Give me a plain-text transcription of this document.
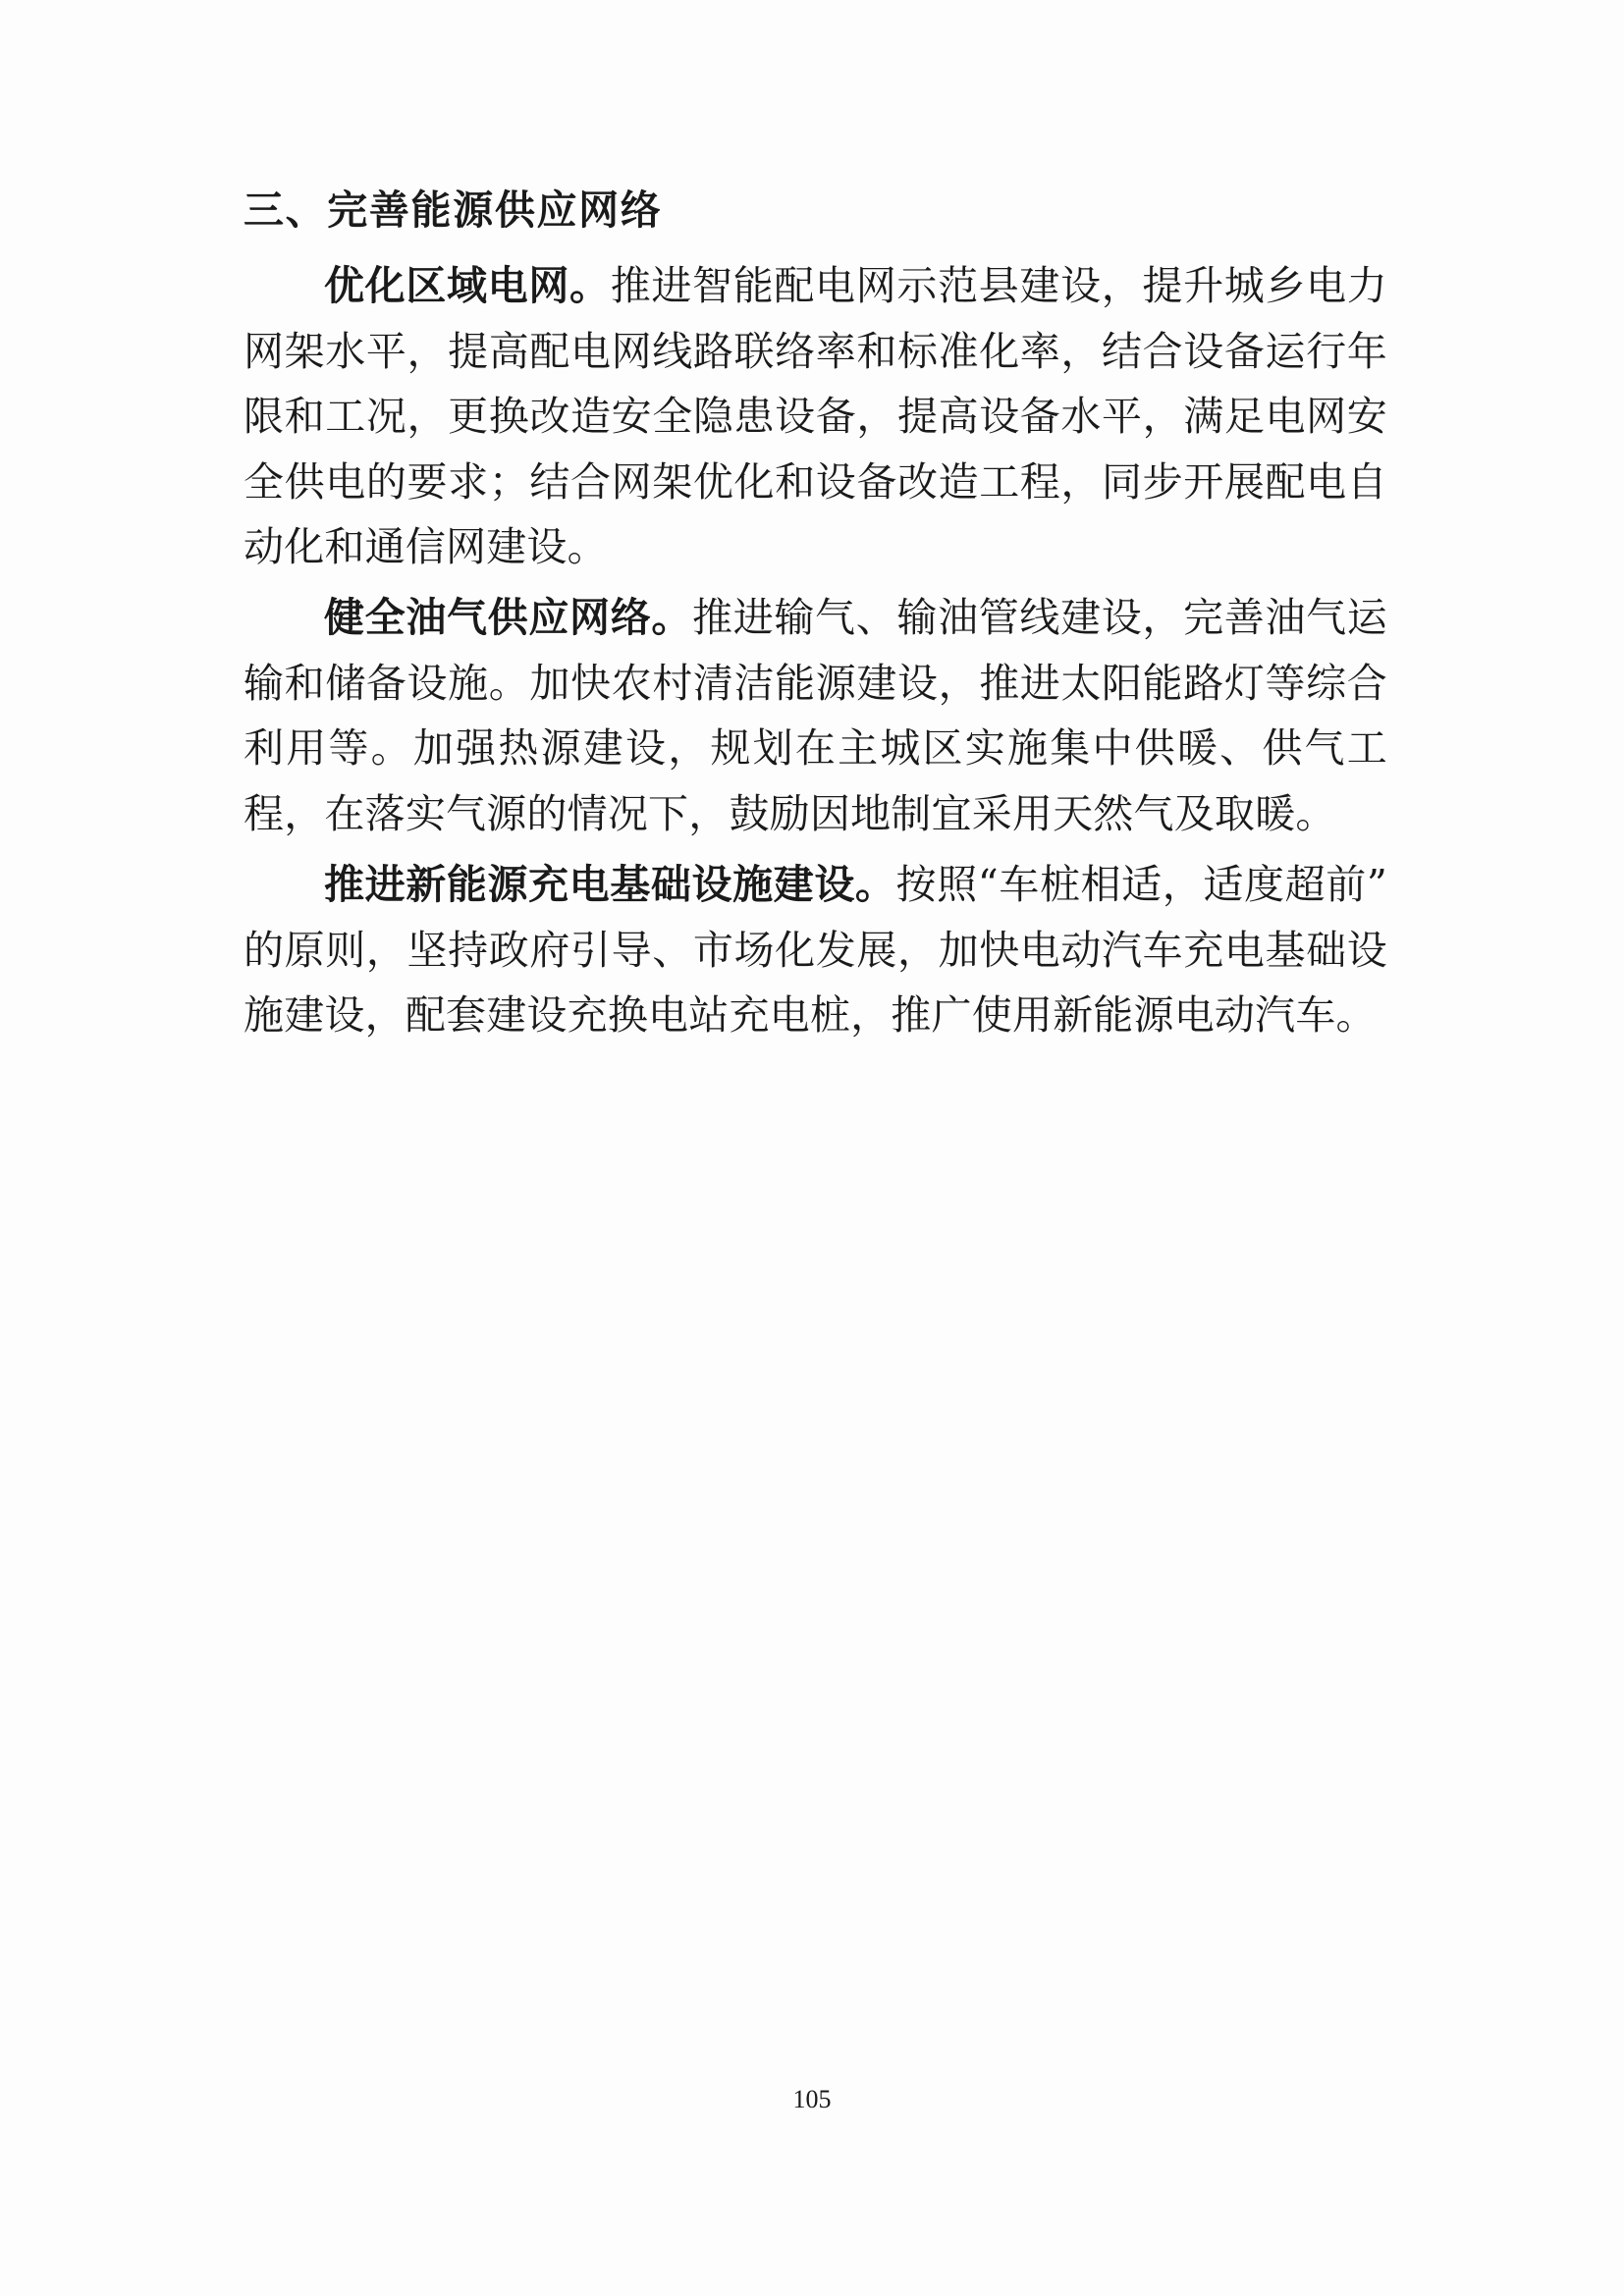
三、完善能源供应网络

优化区域电网。推进智能配电网示范县建设，提升城乡电力网架水平，提高配电网线路联络率和标准化率，结合设备运行年限和工况，更换改造安全隐患设备，提高设备水平，满足电网安全供电的要求；结合网架优化和设备改造工程，同步开展配电自动化和通信网建设。

健全油气供应网络。推进输气、输油管线建设，完善油气运输和储备设施。加快农村清洁能源建设，推进太阳能路灯等综合利用等。加强热源建设，规划在主城区实施集中供暖、供气工程，在落实气源的情况下，鼓励因地制宜采用天然气及取暖。

推进新能源充电基础设施建设。按照“车桩相适，适度超前”的原则，坚持政府引导、市场化发展，加快电动汽车充电基础设施建设，配套建设充换电站充电桩，推广使用新能源电动汽车。

105
